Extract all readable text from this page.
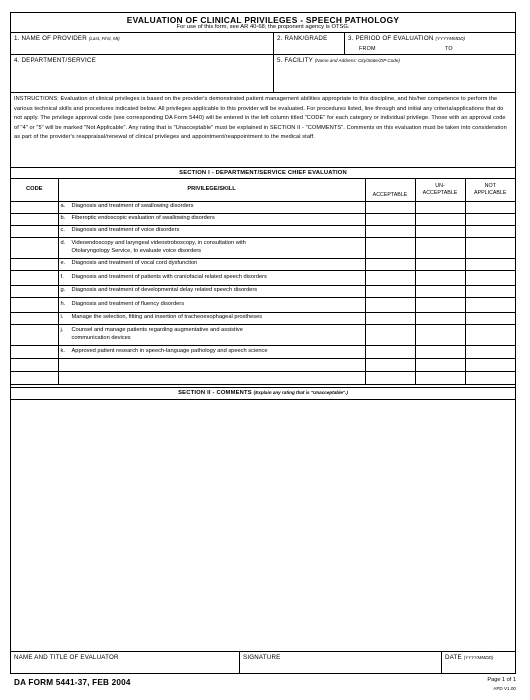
EVALUATION OF CLINICAL PRIVILEGES - SPEECH PATHOLOGY
For use of this form, see AR 40-68; the proponent agency is OTSG.
1. NAME OF PROVIDER (Last, First, MI)	2. RANK/GRADE	3. PERIOD OF EVALUATION (YYYYMMDD)
FROM	TO
4. DEPARTMENT/SERVICE	5. FACILITY (Name and Address: City/State/ZIP Code)
INSTRUCTIONS: Evaluation of clinical privileges is based on the provider's demonstrated patient management abilities appropriate to this discipline, and his/her competence to perform the various technical skills and procedures indicated below. All privileges applicable to this provider will be evaluated. For procedures listed, line through and initial any criteria/applications that do not apply. The privilege approval code (see corresponding DA Form 5440) will be entered in the left column titled "CODE" for each category or individual privilege. Those with an approval code of "4" or "5" will be marked "Not Applicable". Any rating that is "Unacceptable" must be explained in SECTION II - "COMMENTS". Comments on this evaluation must be taken into consideration as part of the provider's reappraisal/renewal of clinical privileges and appointment/reappointment to the medical staff.
SECTION I - DEPARTMENT/SERVICE CHIEF EVALUATION
CODE	PRIVILEGE/SKILL	ACCEPTABLE	UN-
ACCEPTABLE	NOT
APPLICABLE
	a. Diagnosis and treatment of swallowing disorders			
	b. Fiberoptic endoscopic evaluation of swallowing disorders			
	c. Diagnosis and treatment of voice disorders			
	d. Videoendoscopy and laryngeal videostroboscopy, in consultation with
Otolaryngology Service, to evaluate voice disorders			
	e. Diagnosis and treatment of vocal cord dysfunction			
	f. Diagnosis and treatment of patients with craniofacial related speech disorders			
	g. Diagnosis and treatment of developmental delay related speech disorders			
	h. Diagnosis and treatment of fluency disorders			
	i. Manage the selection, fitting and insertion of tracheoesophageal prostheses			
	j. Counsel and manage patients regarding augmentative and assistive
communication devices			
	k. Approved patient research in speech-language pathology and speech science			

SECTION II - COMMENTS (Explain any rating that is "Unacceptable".)
NAME AND TITLE OF EVALUATOR	SIGNATURE	DATE (YYYYMMDD)
DA FORM 5441-37, FEB 2004	Page 1 of 1
APD V1.00
